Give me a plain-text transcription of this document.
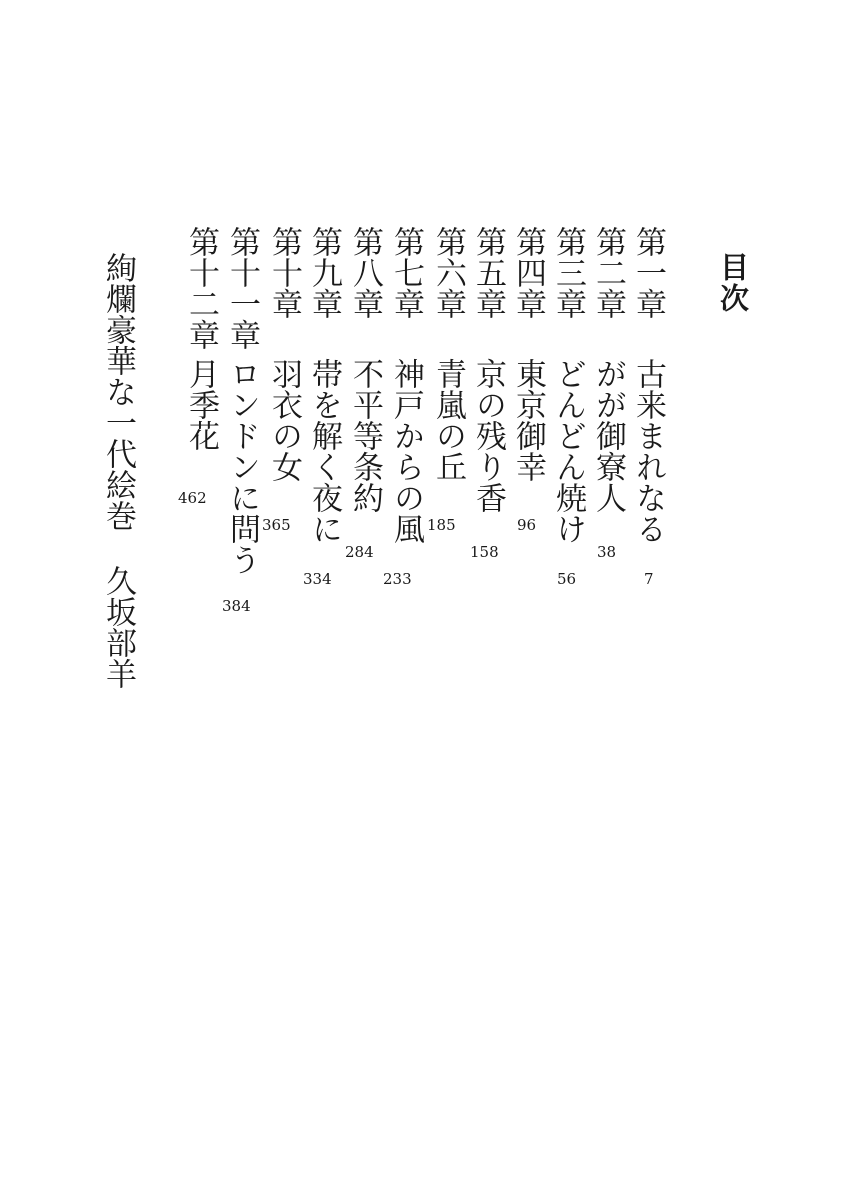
目次
第一章
古来まれなる
7
第二章
がが御寮人
38
第三章
どんどん焼け
56
第四章
東京御幸
96
第五章
京の残り香
158
第六章
青嵐の丘
185
第七章
神戸からの風
233
第八章
不平等条約
284
第九章
帯を解く夜に
334
第十章
羽衣の女
365
第十一章
ロンドンに問う
384
第十二章
月季花
462
絢爛豪華な一代絵巻久坂部羊
